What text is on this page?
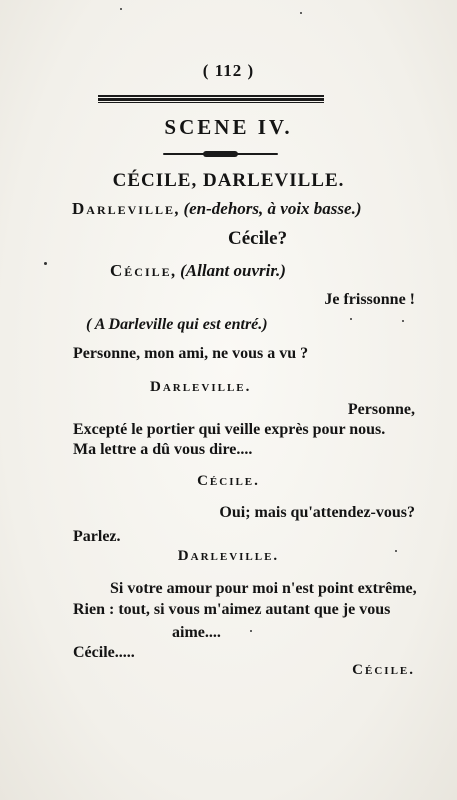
( 112 )
SCENE IV.
CÉCILE, DARLEVILLE.
Darleville, (en-dehors, à voix basse.)
Cécile?
Cécile, (Allant ouvrir.)
Je frissonne !
( A Darleville qui est entré.)
Personne, mon ami, ne vous a vu ?
Darleville.
Personne,
Excepté le portier qui veille exprès pour nous.
Ma lettre a dû vous dire....
Cécile.
Oui; mais qu'attendez-vous?
Parlez.
Darleville.
Si votre amour pour moi n'est point extrême,
Rien : tout, si vous m'aimez autant que je vous
aime....
Cécile.....
Cécile.
